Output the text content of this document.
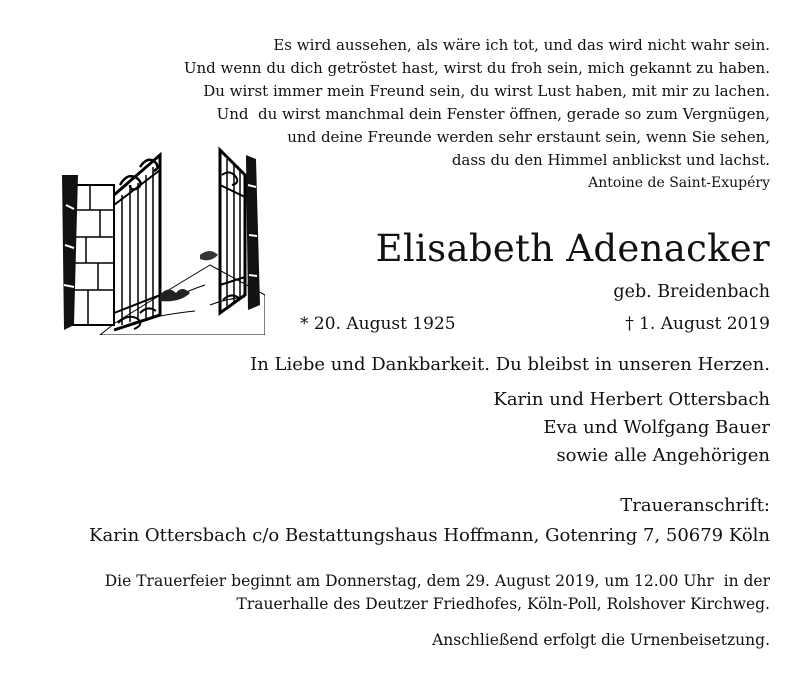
Es wird aussehen, als wäre ich tot, und das wird nicht wahr sein.
Und wenn du dich getröstet hast, wirst du froh sein, mich gekannt zu haben.
Du wirst immer mein Freund sein, du wirst Lust haben, mit mir zu lachen.
Und  du wirst manchmal dein Fenster öffnen, gerade so zum Vergnügen,
und deine Freunde werden sehr erstaunt sein, wenn Sie sehen,
dass du den Himmel anblickst und lachst.
Antoine de Saint-Exupéry
Elisabeth Adenacker
geb. Breidenbach
* 20. August 1925	† 1. August 2019
In Liebe und Dankbarkeit. Du bleibst in unseren Herzen.
Karin und Herbert Ottersbach
Eva und Wolfgang Bauer
sowie alle Angehörigen
Traueranschrift:
Karin Ottersbach c/o Bestattungshaus Hoffmann, Gotenring 7, 50679 Köln
Die Trauerfeier beginnt am Donnerstag, dem 29. August 2019, um 12.00 Uhr  in der
Trauerhalle des Deutzer Friedhofes, Köln-Poll, Rolshover Kirchweg.
Anschließend erfolgt die Urnenbeisetzung.
